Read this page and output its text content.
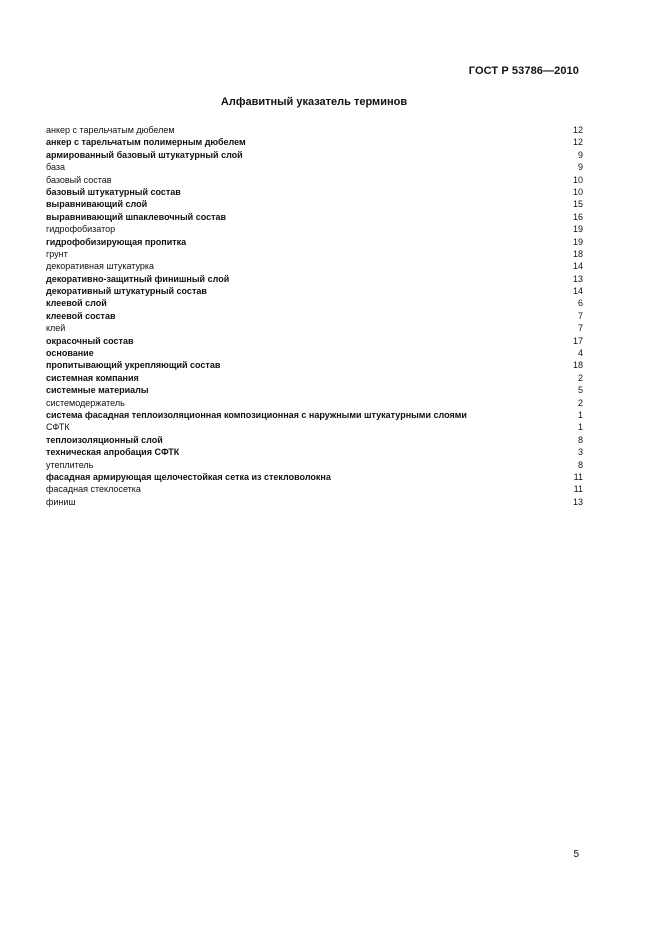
ГОСТ Р 53786—2010
Алфавитный указатель терминов
анкер с тарельчатым дюбелем	12
анкер с тарельчатым полимерным дюбелем	12
армированный базовый штукатурный слой	9
база	9
базовый состав	10
базовый штукатурный состав	10
выравнивающий слой	15
выравнивающий шпаклевочный состав	16
гидрофобизатор	19
гидрофобизирующая пропитка	19
грунт	18
декоративная штукатурка	14
декоративно-защитный финишный слой	13
декоративный штукатурный состав	14
клеевой слой	6
клеевой состав	7
клей	7
окрасочный состав	17
основание	4
пропитывающий укрепляющий состав	18
системная компания	2
системные материалы	5
системодержатель	2
система фасадная теплоизоляционная композиционная с наружными штукатурными слоями	1
СФТК	1
теплоизоляционный слой	8
техническая апробация СФТК	3
утеплитель	8
фасадная армирующая щелочестойкая сетка из стекловолокна	11
фасадная стеклосетка	11
финиш	13
5
